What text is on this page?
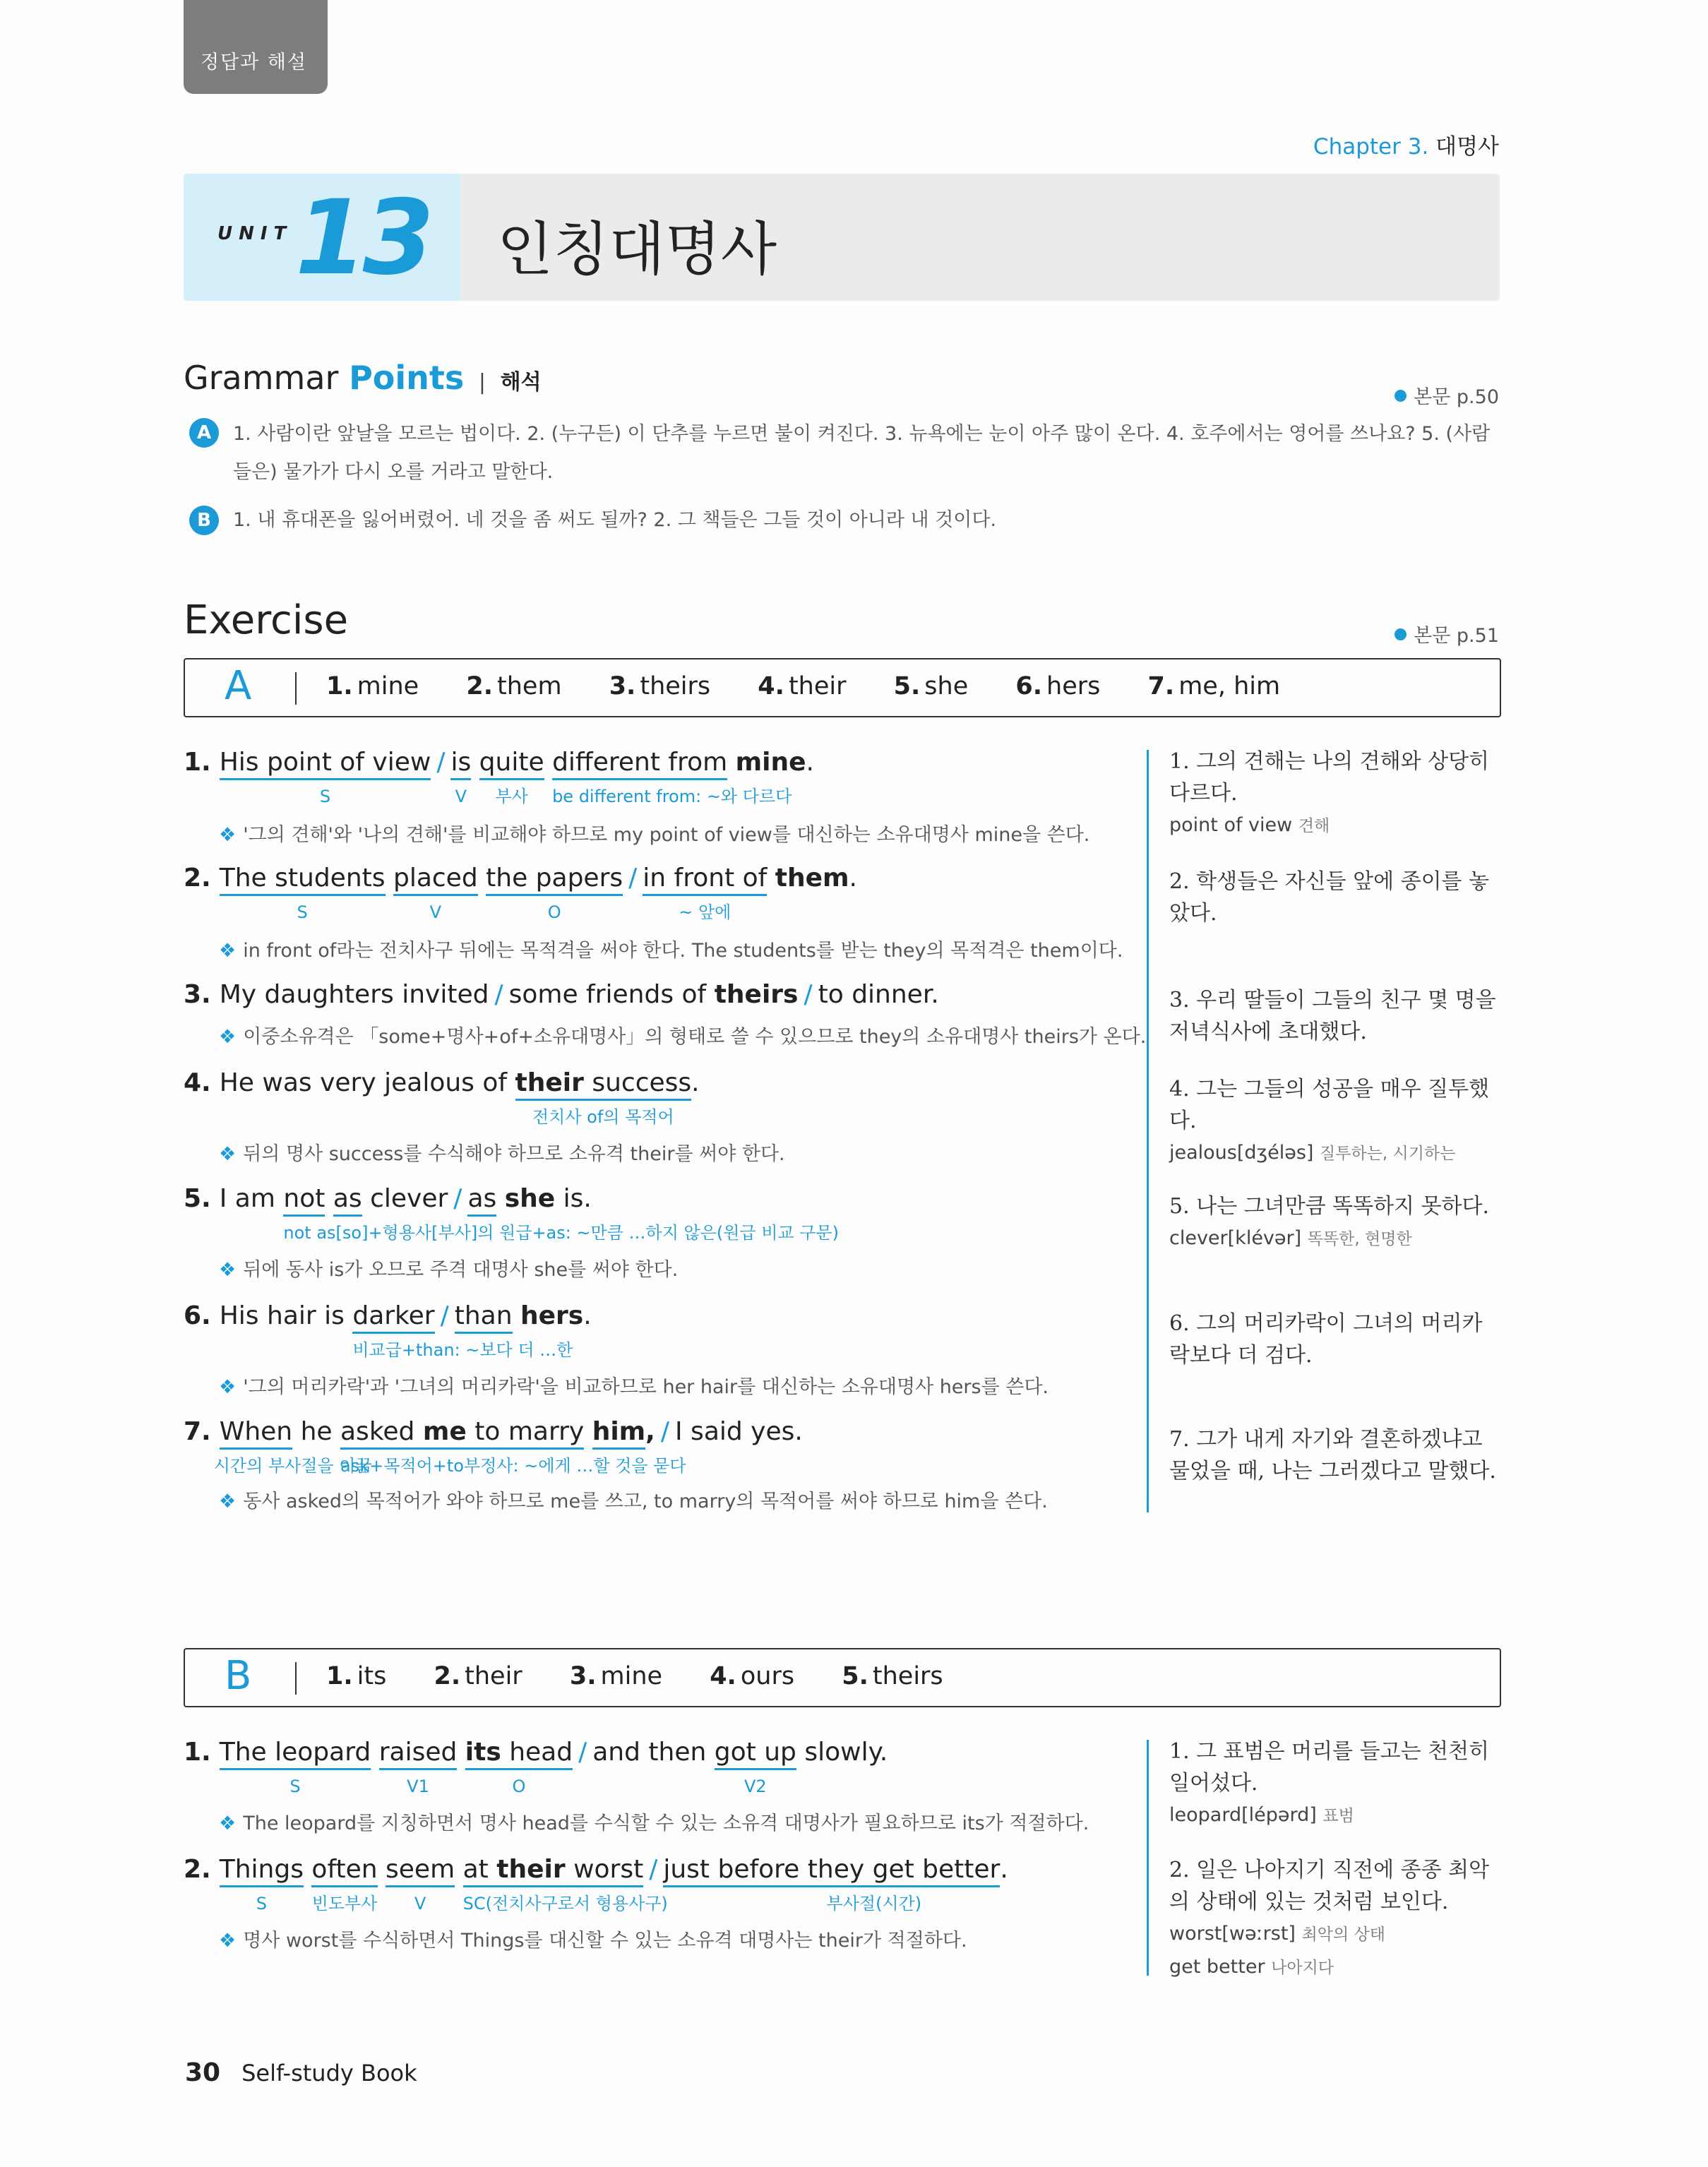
정답과 해설
Chapter 3. 대명사
UNIT 13 인칭대명사
Grammar Points | 해석
본문 p.50
A	1. 사람이란 앞날을 모르는 법이다. 2. (누구든) 이 단추를 누르면 불이 켜진다. 3. 뉴욕에는 눈이 아주 많이 온다. 4. 호주에서는 영어를 쓰나요? 5. (사람
들은) 물가가 다시 오를 거라고 말한다.
B	1. 내 휴대폰을 잃어버렸어. 네 것을 좀 써도 될까? 2. 그 책들은 그들 것이 아니라 내 것이다.
Exercise	본문 p.51
A	1. mine 2. them 3. theirs 4. their 5. she 6. hers 7. me, him
1. His point of view
S
/ is
V
quite
부사
different from
be different from: ~와 다르다
mine.
❖ '그의 견해'와 '나의 견해'를 비교해야 하므로 my point of view를 대신하는 소유대명사 mine을 쓴다.
1. 그의 견해는 나의 견해와 상당히 다르다.
point of view 견해
2. The students
S
placed
V
the papers
O
/ in front of
~ 앞에
them.
❖ in front of라는 전치사구 뒤에는 목적격을 써야 한다. The students를 받는 they의 목적격은 them이다.
2. 학생들은 자신들 앞에 종이를 놓았다.
3. My daughters invited / some friends of theirs / to dinner.
❖ 이중소유격은 「some+명사+of+소유대명사」의 형태로 쓸 수 있으므로 they의 소유대명사 theirs가 온다.
3. 우리 딸들이 그들의 친구 몇 명을 저녁식사에 초대했다.
4. He was very jealous of their success
전치사 of의 목적어
.
❖ 뒤의 명사 success를 수식해야 하므로 소유격 their를 써야 한다.
4. 그는 그들의 성공을 매우 질투했다.
jealous[dʒéləs] 질투하는, 시기하는
5. I am not
not as[so]+형용사[부사]의 원급+as: ~만큼 …하지 않은(원급 비교 구문)
as clever / as she is.
❖ 뒤에 동사 is가 오므로 주격 대명사 she를 써야 한다.
5. 나는 그녀만큼 똑똑하지 못하다.
clever[klévər] 똑똑한, 현명한
6. His hair is darker
비교급+than: ~보다 더 …한
/ than hers.
❖ '그의 머리카락'과 '그녀의 머리카락'을 비교하므로 her hair를 대신하는 소유대명사 hers를 쓴다.
6. 그의 머리카락이 그녀의 머리카락보다 더 검다.
7. When
시간의 부사절을 이끎
he asked me to marry
ask+목적어+to부정사: ~에게 …할 것을 묻다
him, / I said yes.
❖ 동사 asked의 목적어가 와야 하므로 me를 쓰고, to marry의 목적어를 써야 하므로 him을 쓴다.
7. 그가 내게 자기와 결혼하겠냐고 물었을 때, 나는 그러겠다고 말했다.
B	1. its 2. their 3. mine 4. ours 5. theirs
1. The leopard
S
raised
V1
its head
O
/ and then got up
V2
slowly.
❖ The leopard를 지칭하면서 명사 head를 수식할 수 있는 소유격 대명사가 필요하므로 its가 적절하다.
1. 그 표범은 머리를 들고는 천천히 일어섰다.
leopard[lépərd] 표범
2. Things
S
often
빈도부사
seem
V
at their worst
SC(전치사구로서 형용사구)
/ just before they get better
부사절(시간)
.
❖ 명사 worst를 수식하면서 Things를 대신할 수 있는 소유격 대명사는 their가 적절하다.
2. 일은 나아지기 직전에 종종 최악의 상태에 있는 것처럼 보인다.
worst[wəːrst] 최악의 상태
get better 나아지다
30 Self-study Book
